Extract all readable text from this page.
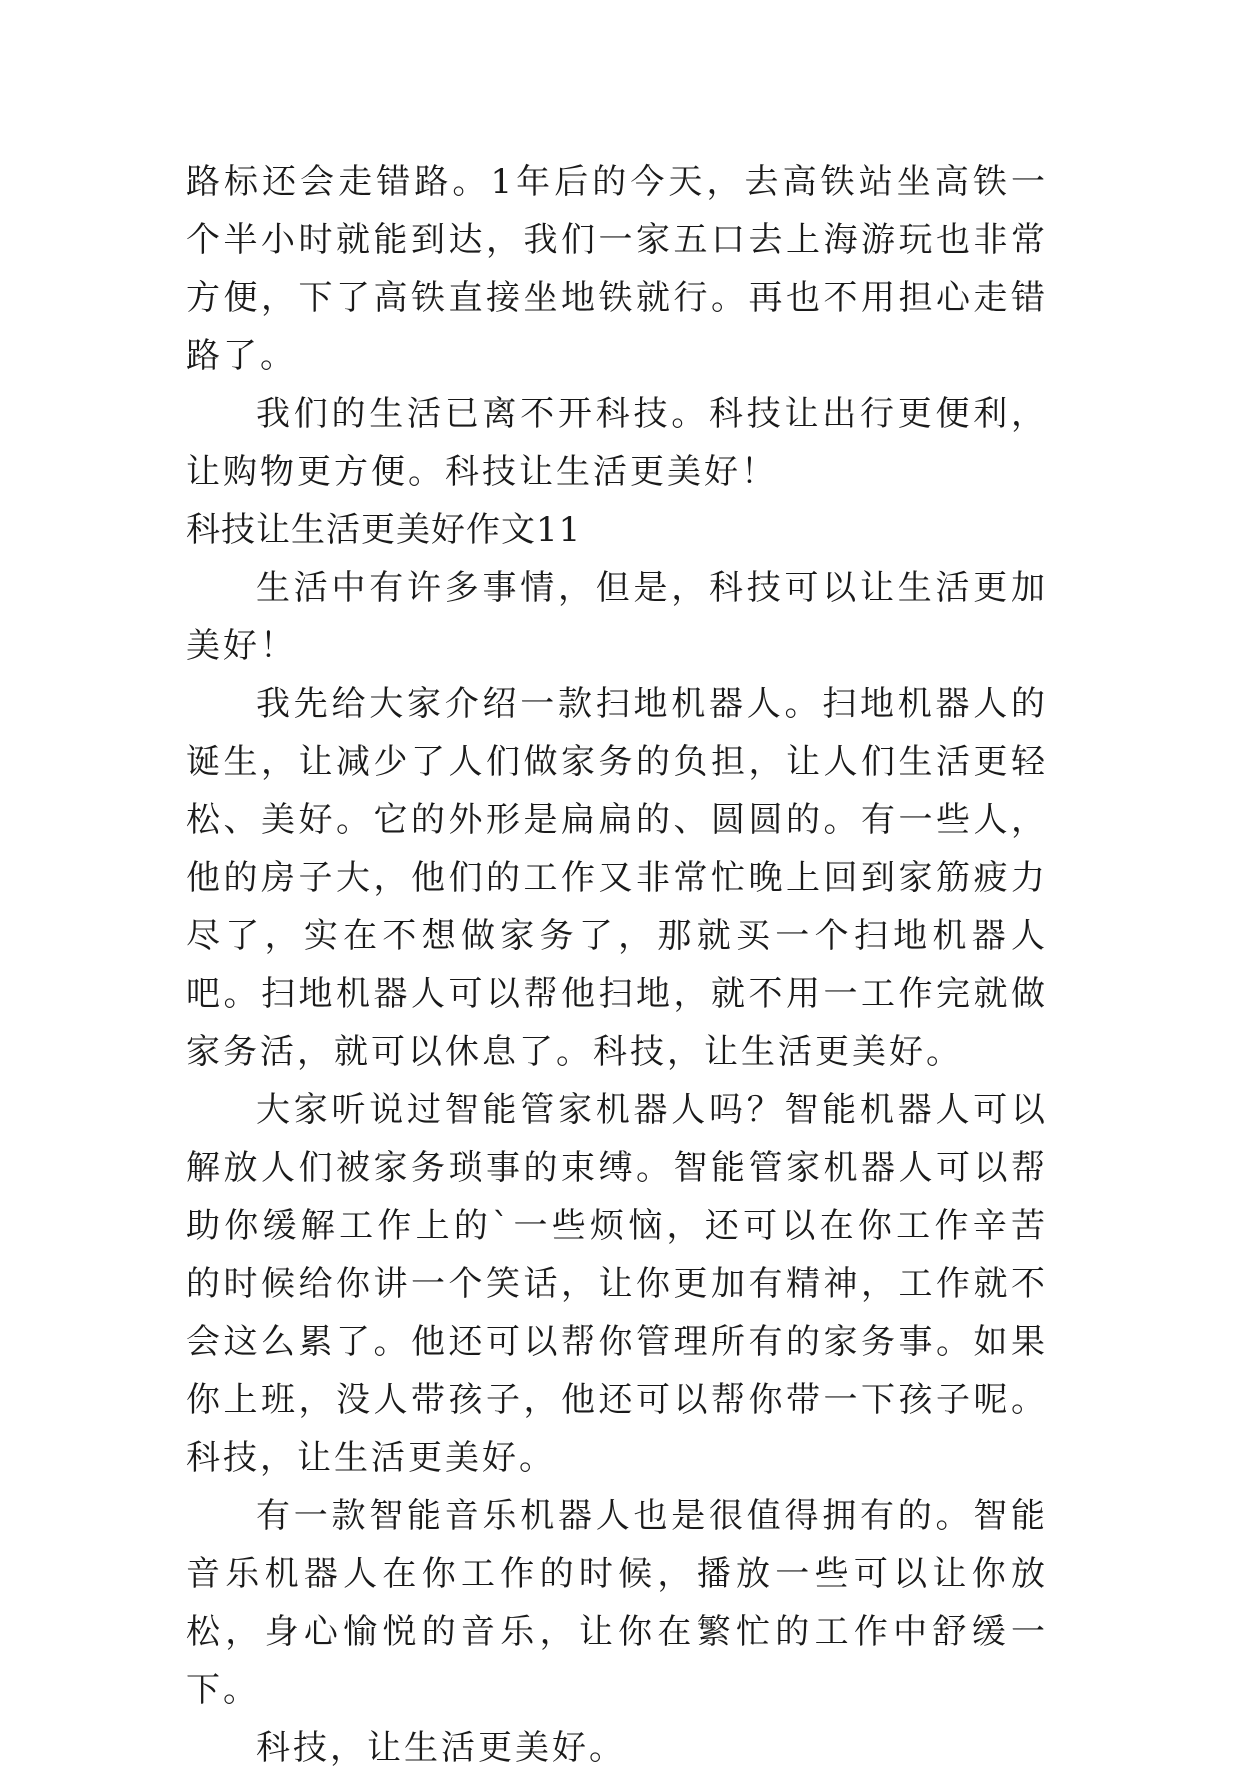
路标还会走错路。1年后的今天，去高铁站坐高铁一个半小时就能到达，我们一家五口去上海游玩也非常方便，下了高铁直接坐地铁就行。再也不用担心走错路了。

我们的生活已离不开科技。科技让出行更便利，让购物更方便。科技让生活更美好！

科技让生活更美好作文11

生活中有许多事情，但是，科技可以让生活更加美好！

我先给大家介绍一款扫地机器人。扫地机器人的诞生，让减少了人们做家务的负担，让人们生活更轻松、美好。它的外形是扁扁的、圆圆的。有一些人，他的房子大，他们的工作又非常忙晚上回到家筋疲力尽了，实在不想做家务了，那就买一个扫地机器人吧。扫地机器人可以帮他扫地，就不用一工作完就做家务活，就可以休息了。科技，让生活更美好。

大家听说过智能管家机器人吗？智能机器人可以解放人们被家务琐事的束缚。智能管家机器人可以帮助你缓解工作上的`一些烦恼，还可以在你工作辛苦的时候给你讲一个笑话，让你更加有精神，工作就不会这么累了。他还可以帮你管理所有的家务事。如果你上班，没人带孩子，他还可以帮你带一下孩子呢。科技，让生活更美好。

有一款智能音乐机器人也是很值得拥有的。智能音乐机器人在你工作的时候，播放一些可以让你放松，身心愉悦的音乐，让你在繁忙的工作中舒缓一下。

科技，让生活更美好。
